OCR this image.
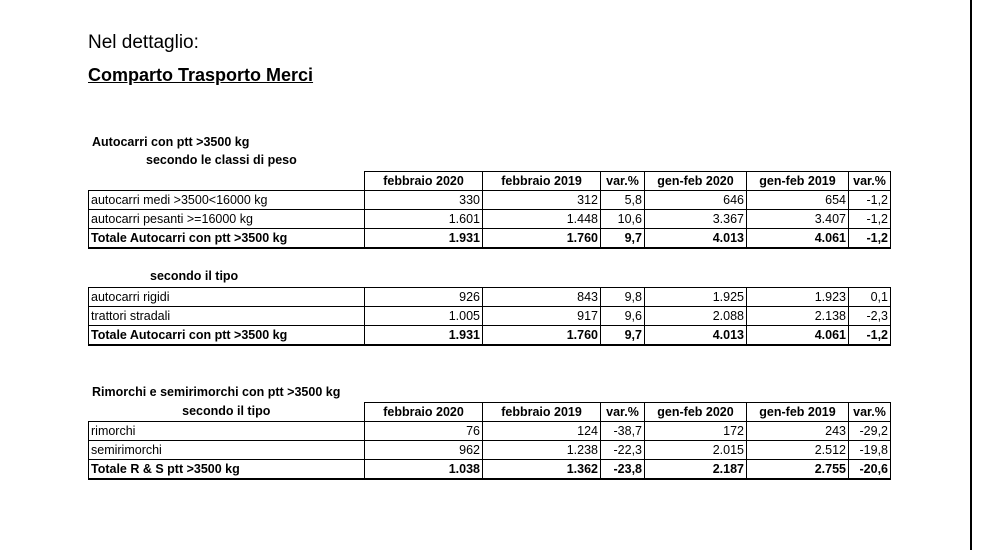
Nel dettaglio:
Comparto Trasporto Merci
Autocarri con ptt >3500 kg
secondo le classi di peso
	febbraio 2020	febbraio 2019	var.%	gen-feb 2020	gen-feb 2019	var.%
autocarri medi >3500<16000 kg	330	312	5,8	646	654	-1,2
autocarri pesanti >=16000 kg	1.601	1.448	10,6	3.367	3.407	-1,2
Totale Autocarri con ptt >3500 kg	1.931	1.760	9,7	4.013	4.061	-1,2
secondo il tipo
autocarri rigidi	926	843	9,8	1.925	1.923	0,1
trattori stradali	1.005	917	9,6	2.088	2.138	-2,3
Totale Autocarri con ptt >3500 kg	1.931	1.760	9,7	4.013	4.061	-1,2
Rimorchi e semirimorchi con ptt >3500 kg
secondo il tipo	febbraio 2020	febbraio 2019	var.%	gen-feb 2020	gen-feb 2019	var.%
rimorchi	76	124	-38,7	172	243	-29,2
semirimorchi	962	1.238	-22,3	2.015	2.512	-19,8
Totale R & S ptt >3500 kg	1.038	1.362	-23,8	2.187	2.755	-20,6
